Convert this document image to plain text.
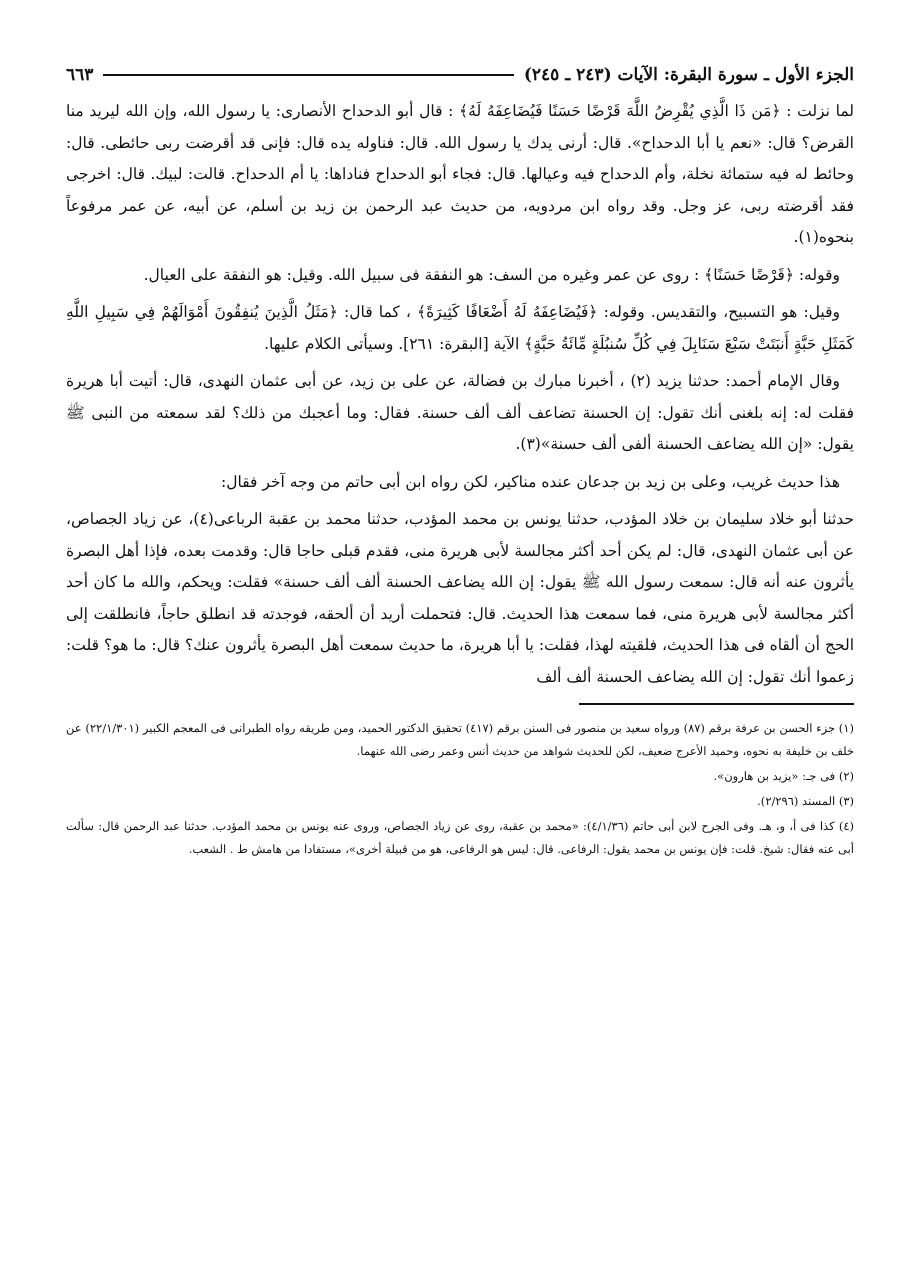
الجزء الأول ـ سورة البقرة: الآيات (٢٤٣ ـ ٢٤٥)
٦٦٣

لما نزلت : ﴿مَن ذَا الَّذِي يُقْرِضُ اللَّهَ قَرْضًا حَسَنًا فَيُضَاعِفَهُ لَهُ﴾ : قال أبو الدحداح الأنصارى: يا رسول الله، وإن الله ليريد منا القرض؟ قال: «نعم يا أبا الدحداح». قال: أرنى يدك يا رسول الله. قال: فناوله يده قال: فإنى قد أقرضت ربى حائطى. قال: وحائط له فيه ستمائة نخلة، وأم الدحداح فيه وعيالها. قال: فجاء أبو الدحداح فناداها: يا أم الدحداح. قالت: لبيك. قال: اخرجى فقد أقرضته ربى، عز وجل. وقد رواه ابن مردويه، من حديث عبد الرحمن بن زيد بن أسلم، عن أبيه، عن عمر مرفوعاً بنحوه(١).

وقوله: ﴿قَرْضًا حَسَنًا﴾ : روى عن عمر وغيره من السف: هو النفقة فى سبيل الله. وقيل: هو النفقة على العيال.

وقيل: هو التسبيح، والتقديس. وقوله: ﴿فَيُضَاعِفَهُ لَهُ أَضْعَافًا كَثِيرَةً﴾ ، كما قال: ﴿مَثَلُ الَّذِينَ يُنفِقُونَ أَمْوَالَهُمْ فِي سَبِيلِ اللَّهِ كَمَثَلِ حَبَّةٍ أَنبَتَتْ سَبْعَ سَنَابِلَ فِي كُلِّ سُنبُلَةٍ مِّائَةُ حَبَّةٍ﴾ الآية [البقرة: ٢٦١]. وسيأتى الكلام عليها.

وقال الإمام أحمد: حدثنا يزيد (٢) ، أخبرنا مبارك بن فضالة، عن على بن زيد، عن أبى عثمان النهدى، قال: أتيت أبا هريرة فقلت له: إنه بلغنى أنك تقول: إن الحسنة تضاعف ألف ألف حسنة. فقال: وما أعجبك من ذلك؟ لقد سمعته من النبى ﷺ يقول: «إن الله يضاعف الحسنة ألفى ألف حسنة»(٣).

هذا حديث غريب، وعلى بن زيد بن جدعان عنده مناكير، لكن رواه ابن أبى حاتم من وجه آخر فقال:

حدثنا أبو خلاد سليمان بن خلاد المؤدب، حدثنا يونس بن محمد المؤدب، حدثنا محمد بن عقبة الرباعى(٤)، عن زياد الجصاص، عن أبى عثمان النهدى، قال: لم يكن أحد أكثر مجالسة لأبى هريرة منى، فقدم قبلى حاجا قال: وقدمت بعده، فإذا أهل البصرة يأثرون عنه أنه قال: سمعت رسول الله ﷺ يقول: إن الله يضاعف الحسنة ألف ألف حسنة» فقلت: ويحكم، والله ما كان أحد أكثر مجالسة لأبى هريرة منى، فما سمعت هذا الحديث. قال: فتحملت أريد أن ألحقه، فوجدته قد انطلق حاجاً، فانطلقت إلى الحج أن ألقاه فى هذا الحديث، فلقيته لهذا، فقلت: يا أبا هريرة، ما حديث سمعت أهل البصرة يأثرون عنك؟ قال: ما هو؟ قلت: زعموا أنك تقول: إن الله يضاعف الحسنة ألف ألف

(١) جزء الحسن بن عرفة برقم (٨٧) ورواه سعيد بن منصور فى السنن برقم (٤١٧) تحقيق الدكتور الحميد، ومن طريقه رواه الطبرانى فى المعجم الكبير (٢٢/١/٣٠١) عن خلف بن خليفة به نحوه، وحميد الأعرج ضعيف، لكن للحديث شواهد من حديث أنس وعمر رضى الله عنهما.

(٢) فى جـ: «يزيد بن هارون».

(٣) المسند (٢/٢٩٦).

(٤) كذا فى أ، و، هـ. وفى الجرح لابن أبى حاتم (٤/١/٣٦): «محمد بن عقبة، روى عن زياد الجصاص، وروى عنه يونس بن محمد المؤدب. حدثنا عبد الرحمن قال: سألت أبى عنه فقال: شيخ. قلت: فإن يونس بن محمد يقول: الرفاعى. قال: ليس هو الرفاعى، هو من قبيلة أخرى»، مستفادا من هامش ط . الشعب.
